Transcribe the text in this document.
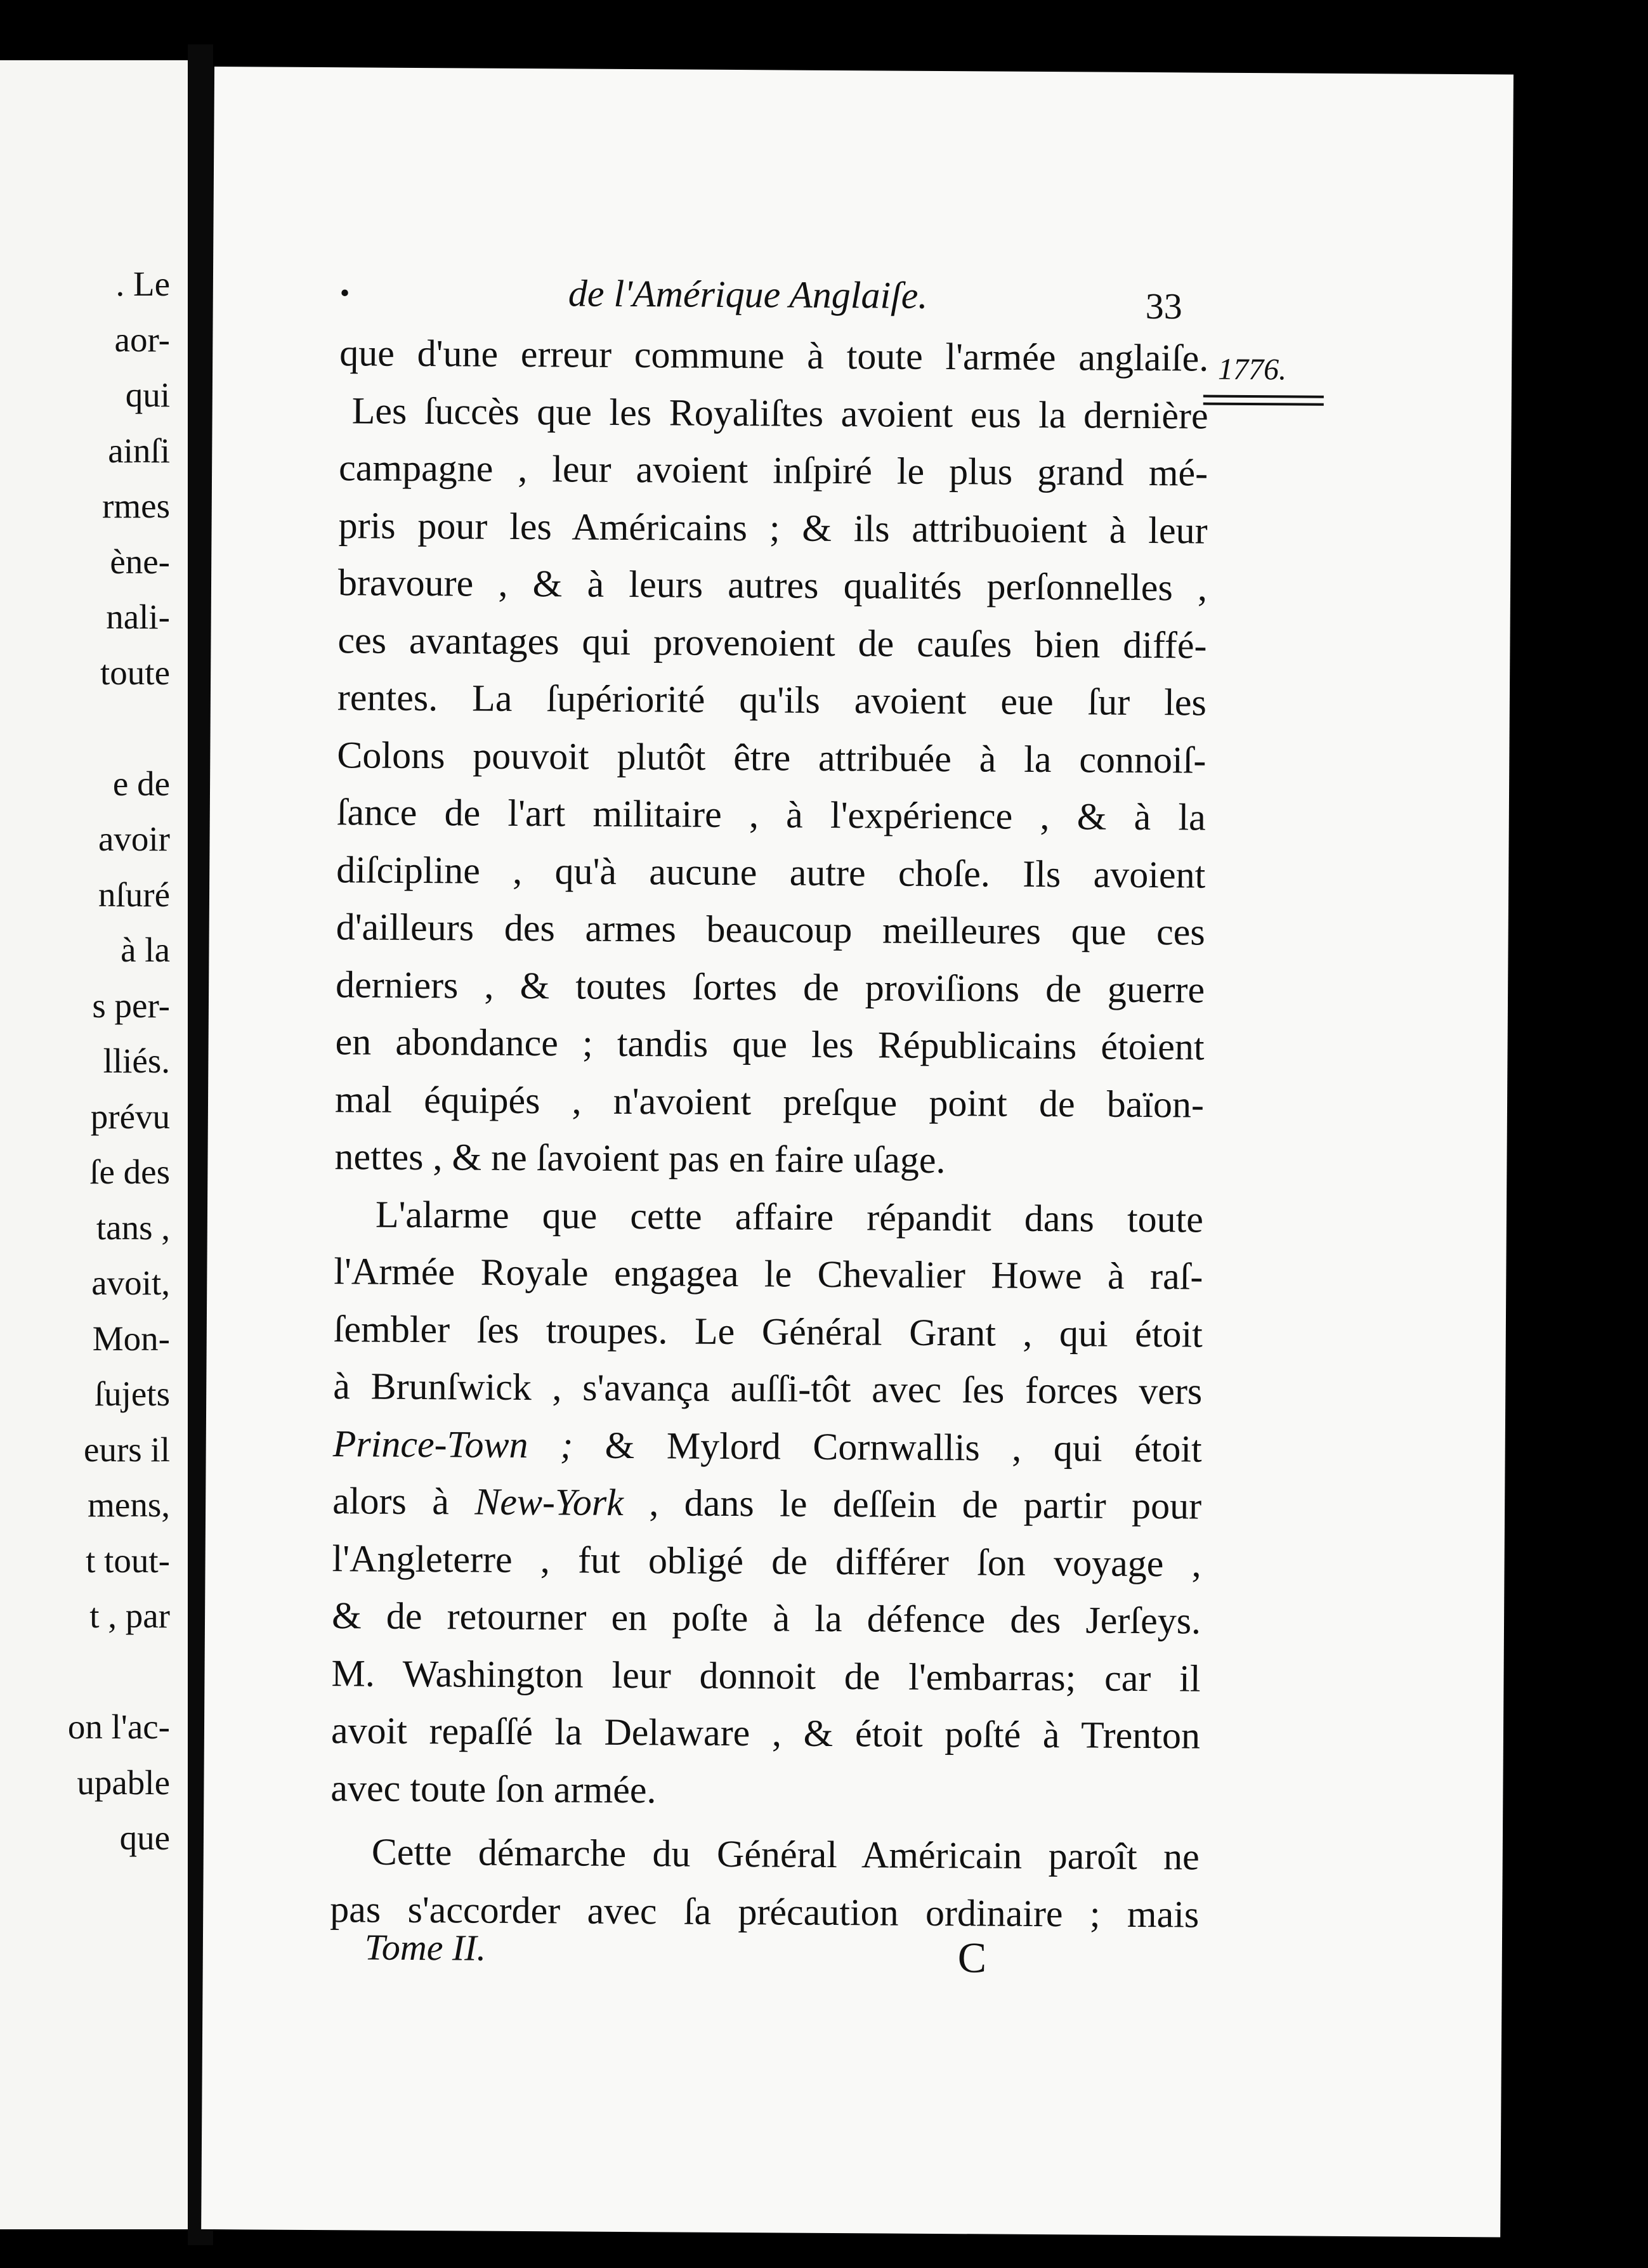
. Le
aor-
qui
ainſi
rmes
ène-
nali-
toute
e de
avoir
nſuré
à la
s per-
lliés.
prévu
ſe des
tans ,
avoit,
Mon-
ſujets
eurs il
mens,
t tout-
t , par
on l'ac-
upable
que
•	de l'Amérique Anglaiſe.	33
1776.
que d'une erreur commune à toute l'armée anglaiſe.
Les ſuccès que les Royaliſtes avoient eus la dernière
campagne , leur avoient inſpiré le plus grand mé-
pris pour les Américains ; & ils attribuoient à leur
bravoure , & à leurs autres qualités perſonnelles ,
ces avantages qui provenoient de cauſes bien diffé-
rentes. La ſupériorité qu'ils avoient eue ſur les
Colons pouvoit plutôt être attribuée à la connoiſ-
ſance de l'art militaire , à l'expérience , & à la
diſcipline , qu'à aucune autre choſe. Ils avoient
d'ailleurs des armes beaucoup meilleures que ces
derniers , & toutes ſortes de proviſions de guerre
en abondance ; tandis que les Républicains étoient
mal équipés , n'avoient preſque point de baïon-
nettes , & ne ſavoient pas en faire uſage.
L'alarme que cette affaire répandit dans toute
l'Armée Royale engagea le Chevalier Howe à raſ-
ſembler ſes troupes. Le Général Grant , qui étoit
à Brunſwick , s'avança auſſi-tôt avec ſes forces vers
Prince-Town ; & Mylord Cornwallis , qui étoit
alors à New-York , dans le deſſein de partir pour
l'Angleterre , fut obligé de différer ſon voyage ,
& de retourner en poſte à la défence des Jerſeys.
M. Washington leur donnoit de l'embarras; car il
avoit repaſſé la Delaware , & étoit poſté à Trenton
avec toute ſon armée.
Cette démarche du Général Américain paroît ne
pas s'accorder avec ſa précaution ordinaire ; mais
Tome II.	C
